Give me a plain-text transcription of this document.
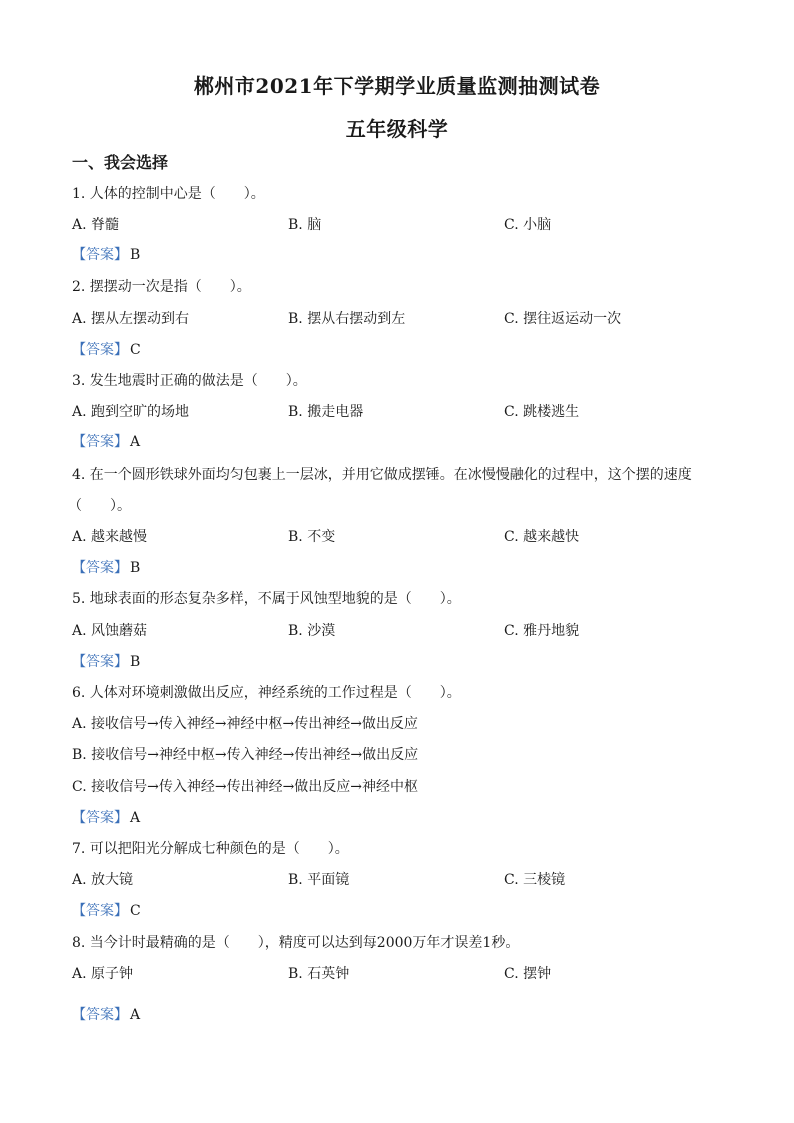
郴州市2021年下学期学业质量监测抽测试卷
五年级科学
一、我会选择
1. 人体的控制中心是（　　）。
A. 脊髓	B. 脑	C. 小脑
【答案】 B
2. 摆摆动一次是指（　　）。
A. 摆从左摆动到右	B. 摆从右摆动到左	C. 摆往返运动一次
【答案】 C
3. 发生地震时正确的做法是（　　）。
A. 跑到空旷的场地	B. 搬走电器	C. 跳楼逃生
【答案】 A
4. 在一个圆形铁球外面均匀包裹上一层冰，并用它做成摆锤。在冰慢慢融化的过程中，这个摆的速度
（　　）。
A. 越来越慢	B. 不变	C. 越来越快
【答案】 B
5. 地球表面的形态复杂多样，不属于风蚀型地貌的是（　　）。
A. 风蚀蘑菇	B. 沙漠	C. 雅丹地貌
【答案】 B
6. 人体对环境刺激做出反应，神经系统的工作过程是（　　）。
A. 接收信号→传入神经→神经中枢→传出神经→做出反应
B. 接收信号→神经中枢→传入神经→传出神经→做出反应
C. 接收信号→传入神经→传出神经→做出反应→神经中枢
【答案】 A
7. 可以把阳光分解成七种颜色的是（　　）。
A. 放大镜	B. 平面镜	C. 三棱镜
【答案】 C
8. 当今计时最精确的是（　　），精度可以达到每2000万年才误差1秒。
A. 原子钟	B. 石英钟	C. 摆钟
【答案】 A
